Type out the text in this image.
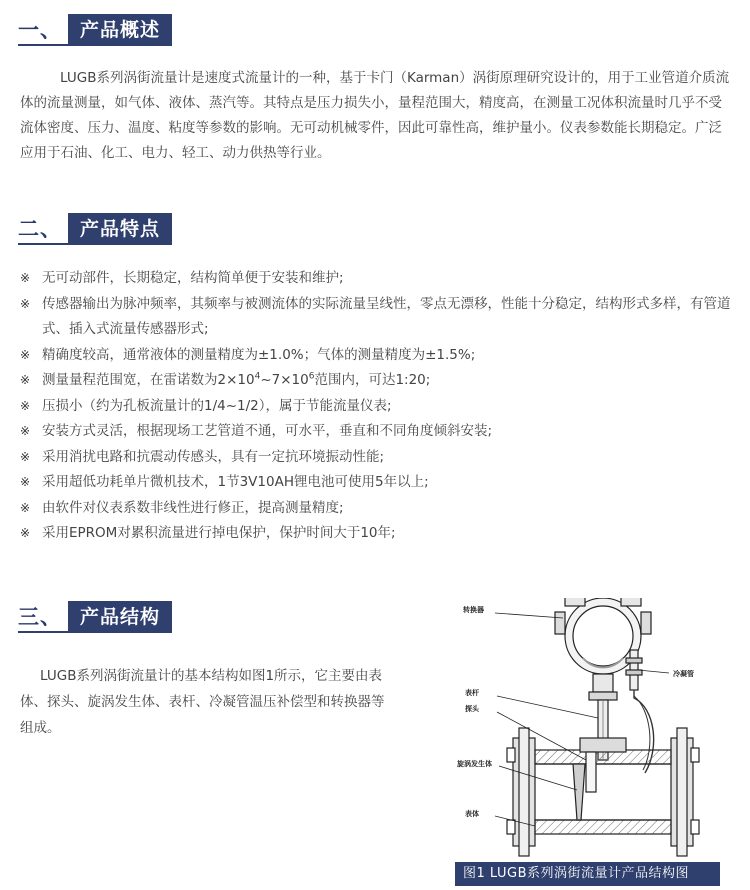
一、 产品概述

LUGB系列涡街流量计是速度式流量计的一种，基于卡门（Karman）涡街原理研究设计的，用于工业管道介质流体的流量测量，如气体、液体、蒸汽等。其特点是压力损失小，量程范围大，精度高，在测量工况体积流量时几乎不受流体密度、压力、温度、粘度等参数的影响。无可动机械零件，因此可靠性高，维护量小。仪表参数能长期稳定。广泛应用于石油、化工、电力、轻工、动力供热等行业。

二、 产品特点
※ 无可动部件，长期稳定，结构简单便于安装和维护;
※ 传感器输出为脉冲频率，其频率与被测流体的实际流量呈线性，零点无漂移，性能十分稳定，结构形式多样，有管道式、插入式流量传感器形式;
※ 精确度较高，通常液体的测量精度为±1.0%；气体的测量精度为±1.5%;
※ 测量量程范围宽，在雷诺数为$2\times 10^4\sim 7\times 10^6$范围内，可达1:20;
※ 压损小（约为孔板流量计的1/4~1/2），属于节能流量仪表;
※ 安装方式灵活，根据现场工艺管道不通，可水平，垂直和不同角度倾斜安装;
※ 采用消扰电路和抗震动传感头，具有一定抗环境振动性能;
※ 采用超低功耗单片微机技术，1节3V10AH锂电池可使用5年以上;
※ 由软件对仪表系数非线性进行修正，提高测量精度;
※ 采用EPROM对累积流量进行掉电保护，保护时间大于10年;
三、 产品结构

LUGB系列涡街流量计的基本结构如图1所示，它主要由表体、探头、旋涡发生体、表杆、冷凝管温压补偿型和转换器等组成。

转换器
表杆
探头
冷凝管
旋涡发生体
表体
图1 LUGB系列涡街流量计产品结构图
